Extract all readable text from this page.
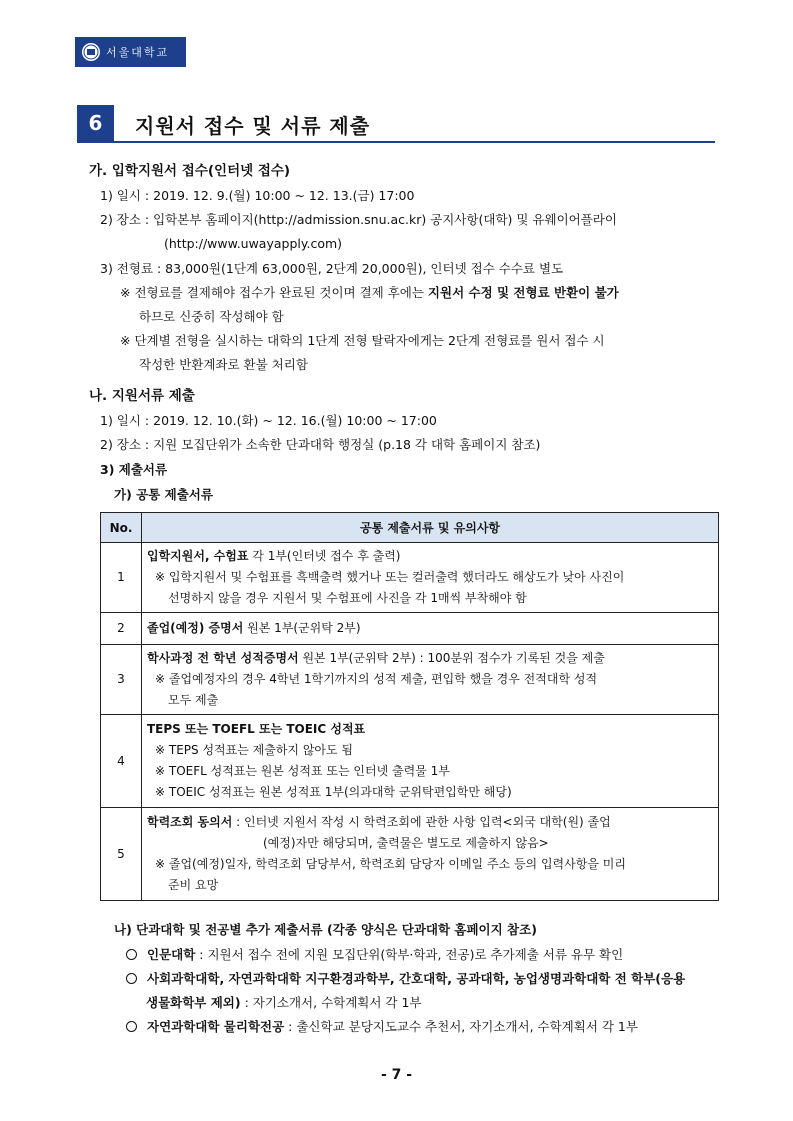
서울대학교
6	지원서 접수 및 서류 제출
가. 입학지원서 접수(인터넷 접수)
1) 일시 : 2019. 12. 9.(월) 10:00 ~ 12. 13.(금) 17:00
2) 장소 : 입학본부 홈페이지(http://admission.snu.ac.kr) 공지사항(대학) 및 유웨이어플라이
(http://www.uwayapply.com)
3) 전형료 : 83,000원(1단계 63,000원, 2단계 20,000원), 인터넷 접수 수수료 별도
※ 전형료를 결제해야 접수가 완료된 것이며 결제 후에는 지원서 수정 및 전형료 반환이 불가
하므로 신중히 작성해야 함
※ 단계별 전형을 실시하는 대학의 1단계 전형 탈락자에게는 2단계 전형료를 원서 접수 시
작성한 반환계좌로 환불 처리함
나. 지원서류 제출
1) 일시 : 2019. 12. 10.(화) ~ 12. 16.(월) 10:00 ~ 17:00
2) 장소 : 지원 모집단위가 소속한 단과대학 행정실 (p.18 각 대학 홈페이지 참조)
3) 제출서류
가) 공통 제출서류
No.	공통 제출서류 및 유의사항
1	입학지원서, 수험표 각 1부(인터넷 접수 후 출력)
※ 입학지원서 및 수험표를 흑백출력 했거나 또는 컬러출력 했더라도 해상도가 낮아 사진이
선명하지 않을 경우 지원서 및 수험표에 사진을 각 1매씩 부착해야 함

2	졸업(예정) 증명서 원본 1부(군위탁 2부)

3	학사과정 전 학년 성적증명서 원본 1부(군위탁 2부) : 100분위 점수가 기록된 것을 제출
※ 졸업예정자의 경우 4학년 1학기까지의 성적 제출, 편입학 했을 경우 전적대학 성적
모두 제출

4	TEPS 또는 TOEFL 또는 TOEIC 성적표
※ TEPS 성적표는 제출하지 않아도 됨
※ TOEFL 성적표는 원본 성적표 또는 인터넷 출력물 1부
※ TOEIC 성적표는 원본 성적표 1부(의과대학 군위탁편입학만 해당)

5	학력조회 동의서 : 인터넷 지원서 작성 시 학력조회에 관한 사항 입력<외국 대학(원) 졸업
(예정)자만 해당되며, 출력물은 별도로 제출하지 않음>
※ 졸업(예정)일자, 학력조회 담당부서, 학력조회 담당자 이메일 주소 등의 입력사항을 미리
준비 요망
나) 단과대학 및 전공별 추가 제출서류 (각종 양식은 단과대학 홈페이지 참조)
인문대학 : 지원서 접수 전에 지원 모집단위(학부·학과, 전공)로 추가제출 서류 유무 확인
사회과학대학, 자연과학대학 지구환경과학부, 간호대학, 공과대학, 농업생명과학대학 전 학부(응용
생물화학부 제외) : 자기소개서, 수학계획서 각 1부
자연과학대학 물리학전공 : 출신학교 분당지도교수 추천서, 자기소개서, 수학계획서 각 1부
- 7 -
